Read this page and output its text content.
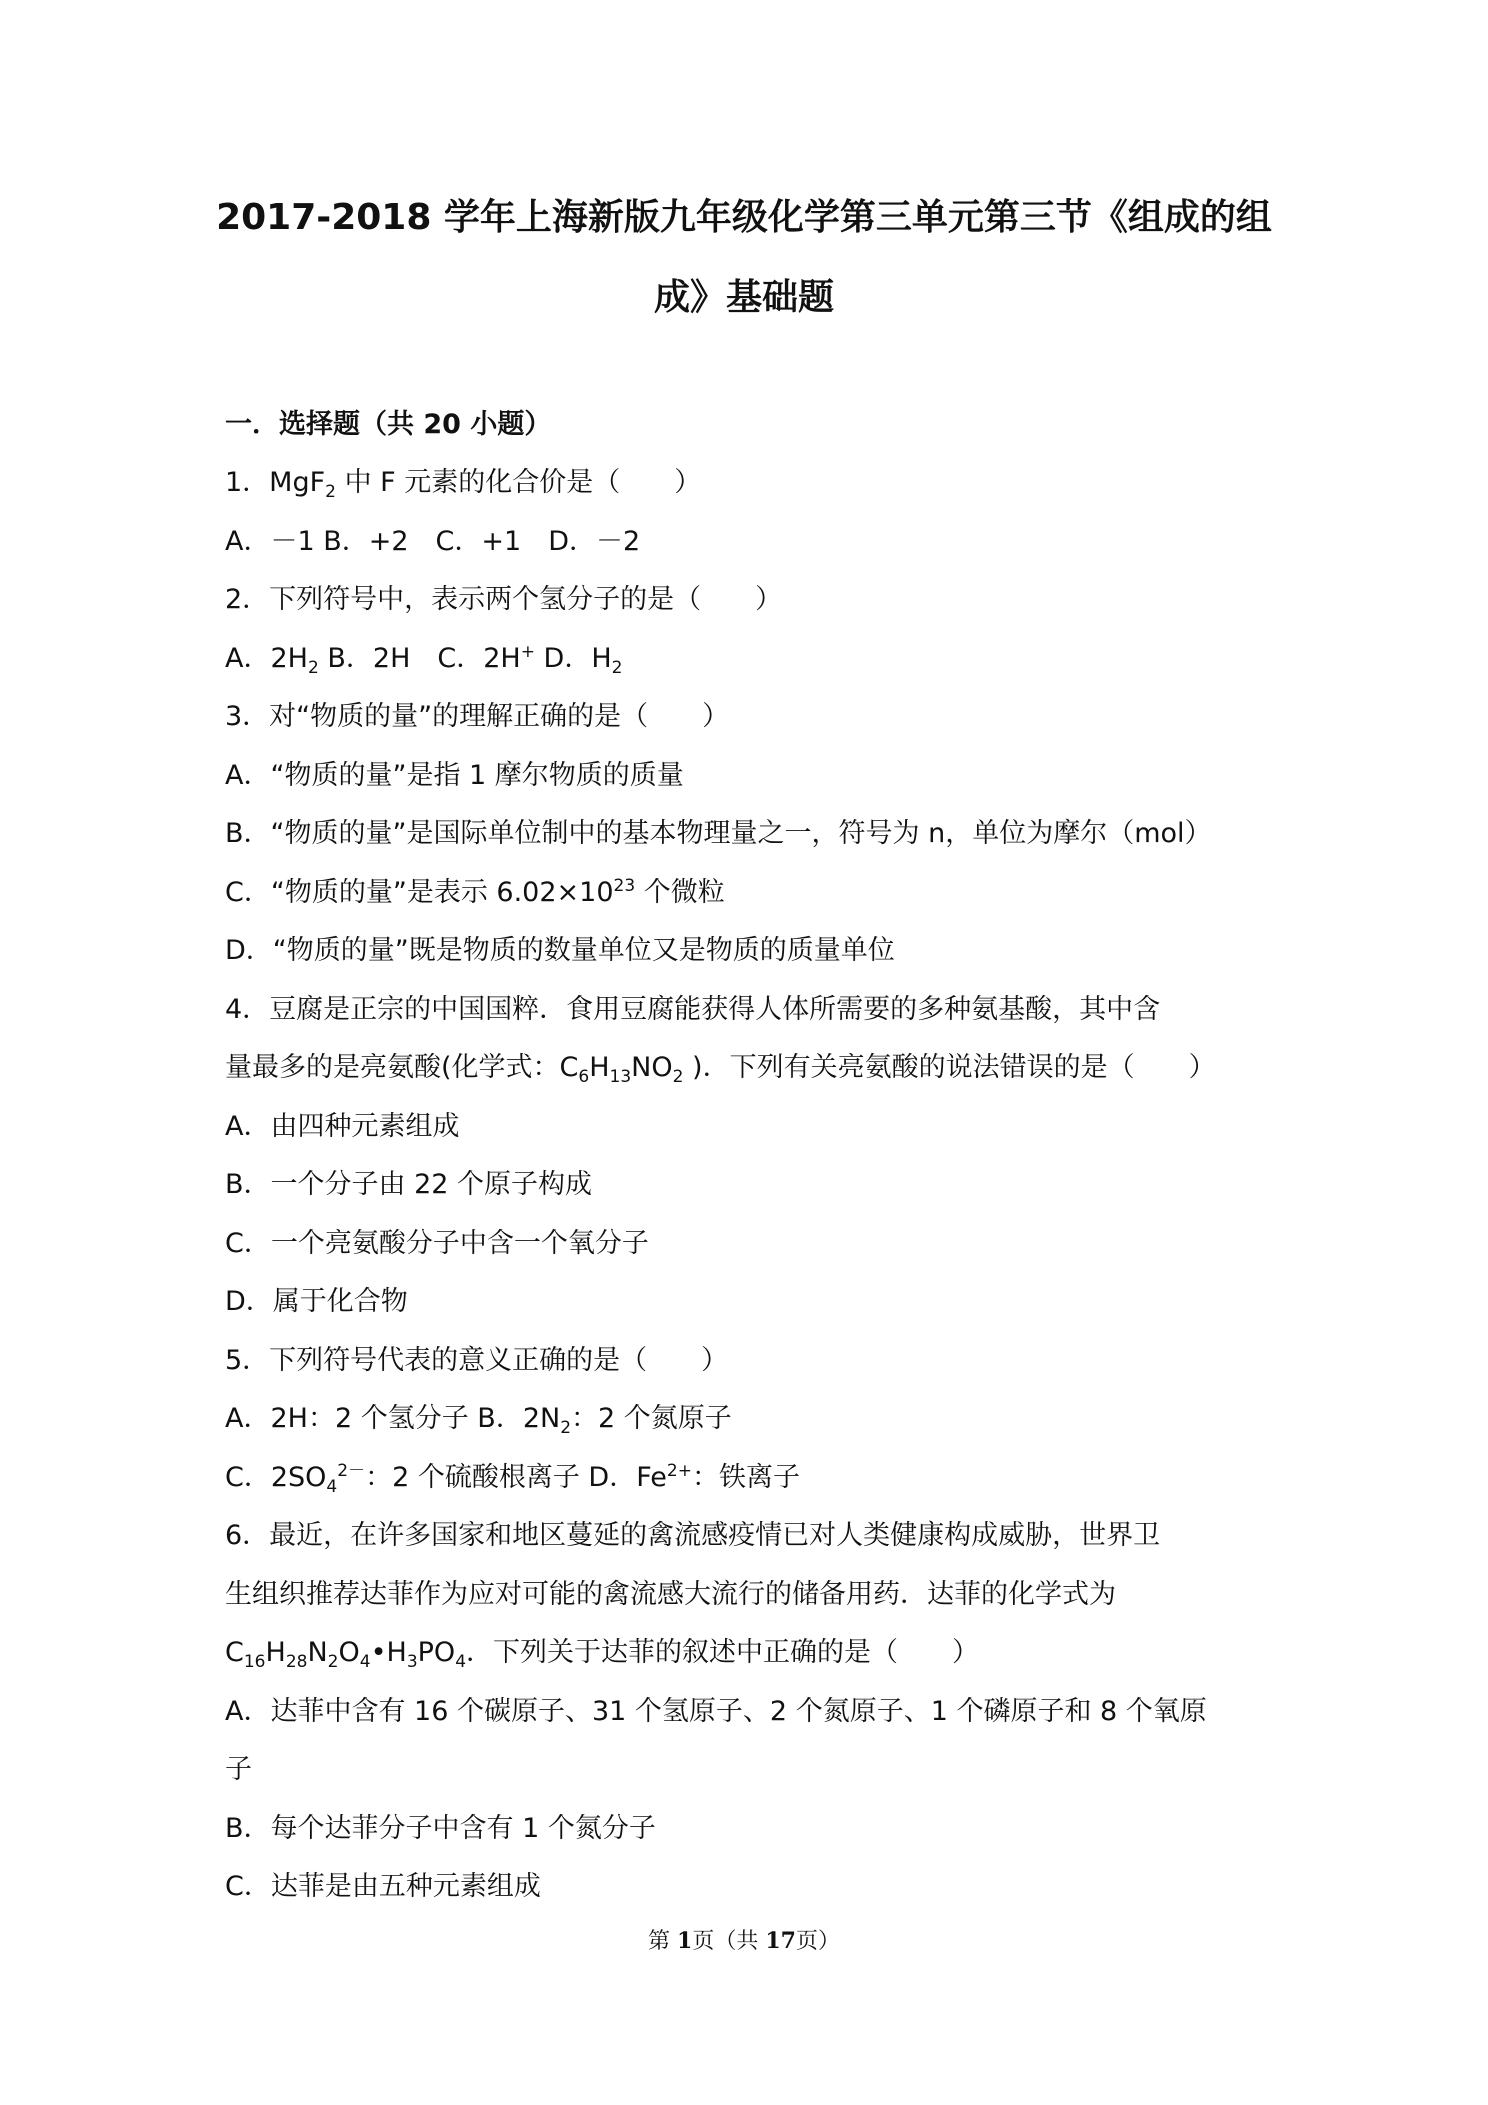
2017-2018 学年上海新版九年级化学第三单元第三节《组成的组
成》基础题
一．选择题（共 20 小题）
1．MgF$_2$ 中 F 元素的化合价是（　　）
A．－1 B．+2　C．+1　D．－2
2．下列符号中，表示两个氢分子的是（　　）
A．$2H_2$ B．2H　C．2H+ D．$H_2$
3．对“物质的量”的理解正确的是（　　）
A．“物质的量”是指 1 摩尔物质的质量
B．“物质的量”是国际单位制中的基本物理量之一，符号为 n，单位为摩尔（mol）
C．“物质的量”是表示 $6.02\times 10^{23}$ 个微粒
D．“物质的量”既是物质的数量单位又是物质的质量单位
4．豆腐是正宗的中国国粹．食用豆腐能获得人体所需要的多种氨基酸，其中含
量最多的是亮氨酸(化学式：$C_6H_{13}NO_2$ )．下列有关亮氨酸的说法错误的是（　　）
A．由四种元素组成
B．一个分子由 22 个原子构成
C．一个亮氨酸分子中含一个氧分子
D．属于化合物
5．下列符号代表的意义正确的是（　　）
A．2H：2 个氢分子 B．$2N_2$：2 个氮原子
C．$2SO_4^{2-}$：2 个硫酸根离子 D．$Fe^{2+}$：铁离子
6．最近，在许多国家和地区蔓延的禽流感疫情已对人类健康构成威胁，世界卫
生组织推荐达菲作为应对可能的禽流感大流行的储备用药．达菲的化学式为
$C_{16}H_{28}N_2O_4•H_3PO_4$．下列关于达菲的叙述中正确的是（　　）
A．达菲中含有 16 个碳原子、31 个氢原子、2 个氮原子、1 个磷原子和 8 个氧原
子
B．每个达菲分子中含有 1 个氮分子
C．达菲是由五种元素组成
第 1页（共 17页）
